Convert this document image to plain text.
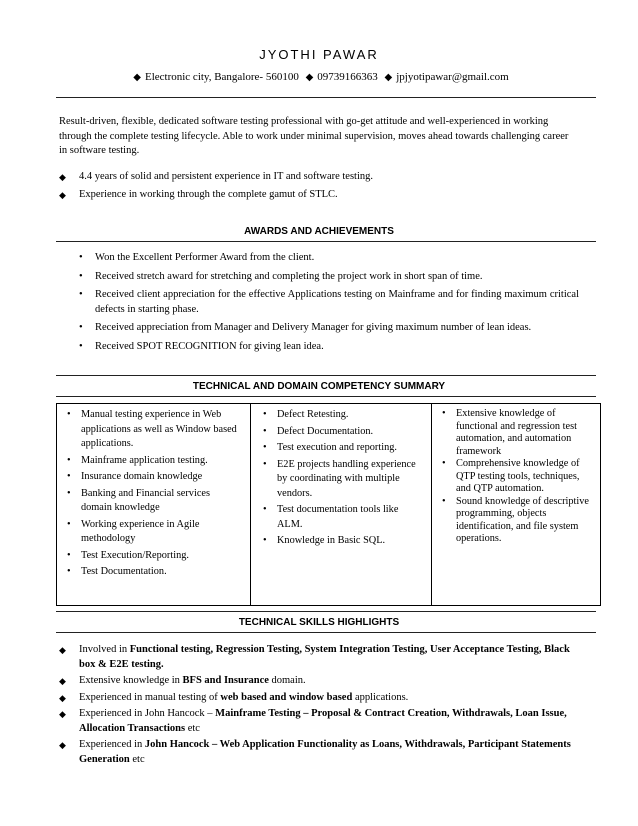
JYOTHI PAWAR
◆ Electronic city, Bangalore- 560100 ◆ 09739166363 ◆ jpjyotipawar@gmail.com
Result-driven, flexible, dedicated software testing professional with go-get attitude and well-experienced in working through the complete testing lifecycle. Able to work under minimal supervision, moves ahead towards challenging career in software testing.
◆ 4.4 years of solid and persistent experience in IT and software testing.
◆ Experience in working through the complete gamut of STLC.
AWARDS AND ACHIEVEMENTS
• Won the Excellent Performer Award from the client.
• Received stretch award for stretching and completing the project work in short span of time.
• Received client appreciation for the effective Applications testing on Mainframe and for finding maximum critical defects in starting phase.
• Received appreciation from Manager and Delivery Manager for giving maximum number of lean ideas.
• Received SPOT RECOGNITION for giving lean idea.
TECHNICAL AND DOMAIN COMPETENCY SUMMARY
• Manual testing experience in Web applications as well as Window based applications.
• Mainframe application testing.
• Insurance domain knowledge
• Banking and Financial services domain knowledge
• Working experience in Agile methodology
• Test Execution/Reporting.
• Test Documentation.
• Defect Retesting.
• Defect Documentation.
• Test execution and reporting.
• E2E projects handling experience by coordinating with multiple vendors.
• Test documentation tools like ALM.
• Knowledge in Basic SQL.
• Extensive knowledge of functional and regression test automation, and automation framework
• Comprehensive knowledge of QTP testing tools, techniques, and QTP automation.
• Sound knowledge of descriptive programming, objects identification, and file system operations.
TECHNICAL SKILLS HIGHLIGHTS
◆ Involved in Functional testing, Regression Testing, System Integration Testing, User Acceptance Testing, Black box & E2E testing.
◆ Extensive knowledge in BFS and Insurance domain.
◆ Experienced in manual testing of web based and window based applications.
◆ Experienced in John Hancock – Mainframe Testing – Proposal & Contract Creation, Withdrawals, Loan Issue, Allocation Transactions etc
◆ Experienced in John Hancock – Web Application Functionality as Loans, Withdrawals, Participant Statements Generation etc
